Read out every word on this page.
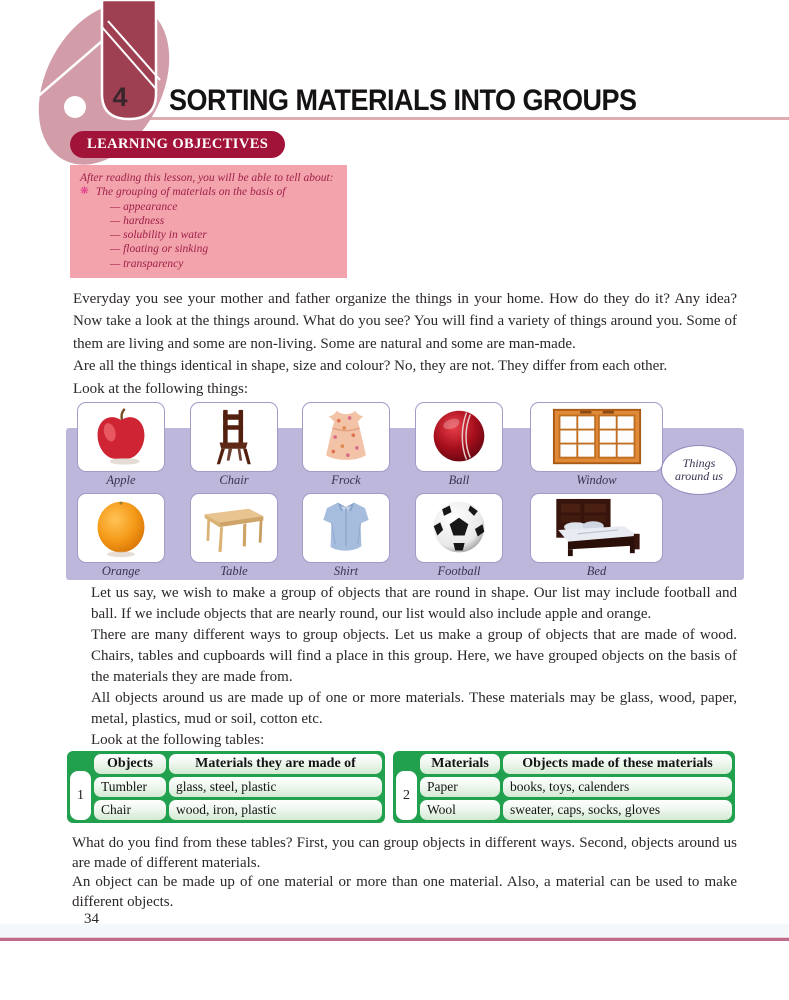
4	SORTING MATERIALS INTO GROUPS
LEARNING OBJECTIVES

After reading this lesson, you will be able to tell about:

❋ The grouping of materials on the basis of

— appearance

— hardness

— solubility in water

— floating or sinking

— transparency

Everyday you see your mother and father organize the things in your home. How do they do it? Any idea? Now take a look at the things around. What do you see? You will find a variety of things around you. Some of them are living and some are non-living. Some are natural and some are man-made.

Are all the things identical in shape, size and colour? No, they are not. They differ from each other.

Look at the following things:

Apple	Chair	Frock	Ball	Window
Orange	Table	Shirt	Football	Bed
Things around us

Let us say, we wish to make a group of objects that are round in shape. Our list may include football and ball. If we include objects that are nearly round, our list would also include apple and orange.

There are many different ways to group objects. Let us make a group of objects that are made of wood. Chairs, tables and cupboards will find a place in this group. Here, we have grouped objects on the basis of the materials they are made from.

All objects around us are made up of one or more materials. These materials may be glass, wood, paper, metal, plastics, mud or soil, cotton etc.

Look at the following tables:

1
Objects	Materials they are made of
Tumbler	glass, steel, plastic
Chair	wood, iron, plastic
2
Materials	Objects made of these materials
Paper	books, toys, calenders
Wool	sweater, caps, socks, gloves

What do you find from these tables? First, you can group objects in different ways. Second, objects around us are made of different materials.

An object can be made up of one material or more than one material. Also, a material can be used to make different objects.

34
